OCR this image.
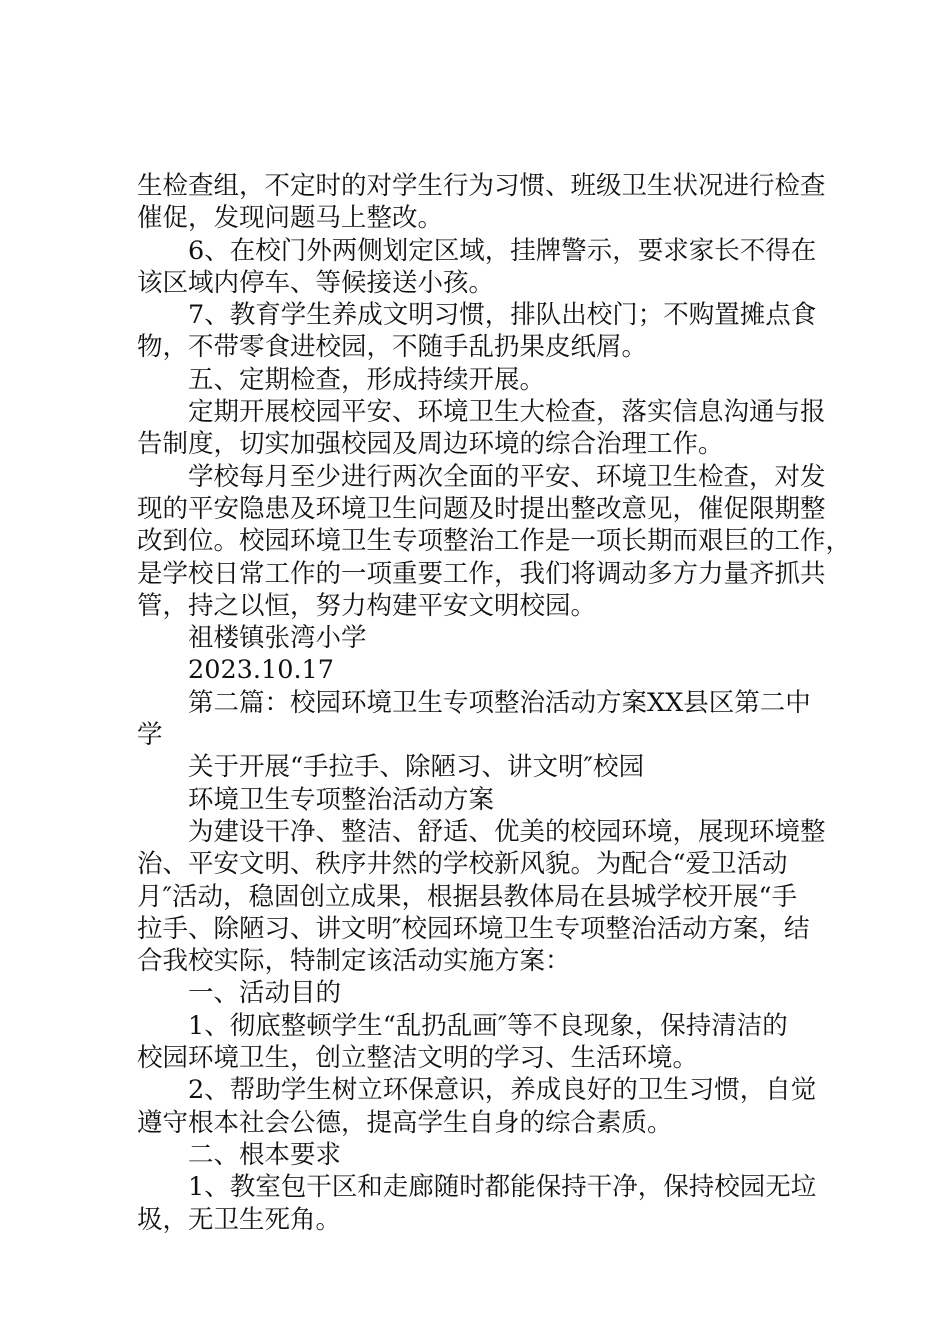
生检查组，不定时的对学生行为习惯、班级卫生状况进行检查
催促，发现问题马上整改。
6、在校门外两侧划定区域，挂牌警示，要求家长不得在
该区域内停车、等候接送小孩。
7、教育学生养成文明习惯，排队出校门；不购置摊点食
物，不带零食进校园，不随手乱扔果皮纸屑。
五、定期检查，形成持续开展。
定期开展校园平安、环境卫生大检查，落实信息沟通与报
告制度，切实加强校园及周边环境的综合治理工作。
学校每月至少进行两次全面的平安、环境卫生检查，对发
现的平安隐患及环境卫生问题及时提出整改意见，催促限期整
改到位。校园环境卫生专项整治工作是一项长期而艰巨的工作，
是学校日常工作的一项重要工作，我们将调动多方力量齐抓共
管，持之以恒，努力构建平安文明校园。
祖楼镇张湾小学
2023.10.17
第二篇：校园环境卫生专项整治活动方案XX县区第二中
学
关于开展“手拉手、除陋习、讲文明″校园
环境卫生专项整治活动方案
为建设干净、整洁、舒适、优美的校园环境，展现环境整
治、平安文明、秩序井然的学校新风貌。为配合“爱卫活动
月″活动，稳固创立成果，根据县教体局在县城学校开展“手
拉手、除陋习、讲文明″校园环境卫生专项整治活动方案，结
合我校实际，特制定该活动实施方案：
一、活动目的
1、彻底整顿学生“乱扔乱画″等不良现象，保持清洁的
校园环境卫生，创立整洁文明的学习、生活环境。
2、帮助学生树立环保意识，养成良好的卫生习惯，自觉
遵守根本社会公德，提高学生自身的综合素质。
二、根本要求
1、教室包干区和走廊随时都能保持干净，保持校园无垃
圾，无卫生死角。
